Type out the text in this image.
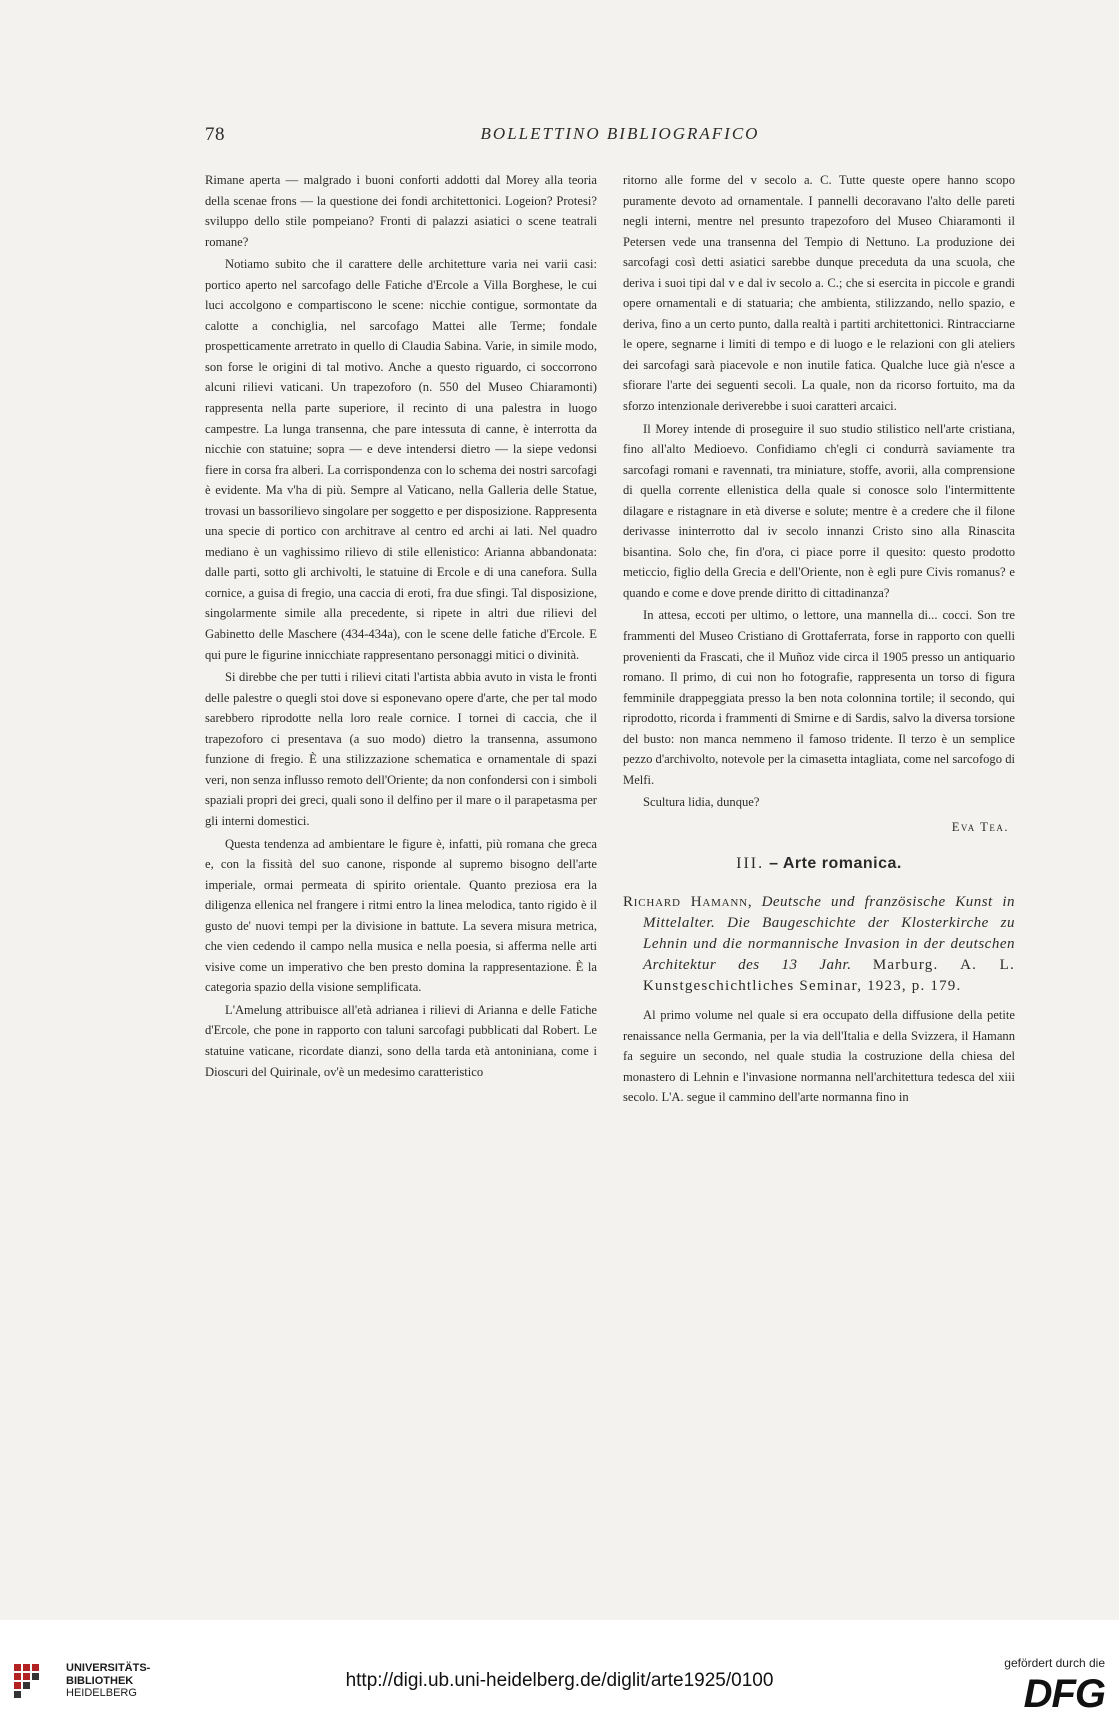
78	BOLLETTINO BIBLIOGRAFICO

Rimane aperta — malgrado i buoni conforti addotti dal Morey alla teoria della scenae frons — la questione dei fondi architettonici. Logeion? Protesi? sviluppo dello stile pompeiano? Fronti di palazzi asiatici o scene teatrali romane?

Notiamo subito che il carattere delle architetture varia nei varii casi: portico aperto nel sarcofago delle Fatiche d'Ercole a Villa Borghese, le cui luci accolgono e compartiscono le scene: nicchie contigue, sormontate da calotte a conchiglia, nel sarcofago Mattei alle Terme; fondale prospetticamente arretrato in quello di Claudia Sabina. Varie, in simile modo, son forse le origini di tal motivo. Anche a questo riguardo, ci soccorrono alcuni rilievi vaticani. Un trapezoforo (n. 550 del Museo Chiaramonti) rappresenta nella parte superiore, il recinto di una palestra in luogo campestre. La lunga transenna, che pare intessuta di canne, è interrotta da nicchie con statuine; sopra — e deve intendersi dietro — la siepe vedonsi fiere in corsa fra alberi. La corrispondenza con lo schema dei nostri sarcofagi è evidente. Ma v'ha di più. Sempre al Vaticano, nella Galleria delle Statue, trovasi un bassorilievo singolare per soggetto e per disposizione. Rappresenta una specie di portico con architrave al centro ed archi ai lati. Nel quadro mediano è un vaghissimo rilievo di stile ellenistico: Arianna abbandonata: dalle parti, sotto gli archivolti, le statuine di Ercole e di una canefora. Sulla cornice, a guisa di fregio, una caccia di eroti, fra due sfingi. Tal disposizione, singolarmente simile alla precedente, si ripete in altri due rilievi del Gabinetto delle Maschere (434-434a), con le scene delle fatiche d'Ercole. E qui pure le figurine innicchiate rappresentano personaggi mitici o divinità.

Si direbbe che per tutti i rilievi citati l'artista abbia avuto in vista le fronti delle palestre o quegli stoi dove si esponevano opere d'arte, che per tal modo sarebbero riprodotte nella loro reale cornice. I tornei di caccia, che il trapezoforo ci presentava (a suo modo) dietro la transenna, assumono funzione di fregio. È una stilizzazione schematica e ornamentale di spazi veri, non senza influsso remoto dell'Oriente; da non confondersi con i simboli spaziali propri dei greci, quali sono il delfino per il mare o il parapetasma per gli interni domestici.

Questa tendenza ad ambientare le figure è, infatti, più romana che greca e, con la fissità del suo canone, risponde al supremo bisogno dell'arte imperiale, ormai permeata di spirito orientale. Quanto preziosa era la diligenza ellenica nel frangere i ritmi entro la linea melodica, tanto rigido è il gusto de' nuovi tempi per la divisione in battute. La severa misura metrica, che vien cedendo il campo nella musica e nella poesia, si afferma nelle arti visive come un imperativo che ben presto domina la rappresentazione. È la categoria spazio della visione semplificata.

L'Amelung attribuisce all'età adrianea i rilievi di Arianna e delle Fatiche d'Ercole, che pone in rapporto con taluni sarcofagi pubblicati dal Robert. Le statuine vaticane, ricordate dianzi, sono della tarda età antoniniana, come i Dioscuri del Quirinale, ov'è un medesimo caratteristico

ritorno alle forme del v secolo a. C. Tutte queste opere hanno scopo puramente devoto ad ornamentale. I pannelli decoravano l'alto delle pareti negli interni, mentre nel presunto trapezoforo del Museo Chiaramonti il Petersen vede una transenna del Tempio di Nettuno. La produzione dei sarcofagi così detti asiatici sarebbe dunque preceduta da una scuola, che deriva i suoi tipi dal v e dal iv secolo a. C.; che si esercita in piccole e grandi opere ornamentali e di statuaria; che ambienta, stilizzando, nello spazio, e deriva, fino a un certo punto, dalla realtà i partiti architettonici. Rintracciarne le opere, segnarne i limiti di tempo e di luogo e le relazioni con gli ateliers dei sarcofagi sarà piacevole e non inutile fatica. Qualche luce già n'esce a sfiorare l'arte dei seguenti secoli. La quale, non da ricorso fortuito, ma da sforzo intenzionale deriverebbe i suoi caratteri arcaici.

Il Morey intende di proseguire il suo studio stilistico nell'arte cristiana, fino all'alto Medioevo. Confidiamo ch'egli ci condurrà saviamente tra sarcofagi romani e ravennati, tra miniature, stoffe, avorii, alla comprensione di quella corrente ellenistica della quale si conosce solo l'intermittente dilagare e ristagnare in età diverse e solute; mentre è a credere che il filone derivasse ininterrotto dal iv secolo innanzi Cristo sino alla Rinascita bisantina. Solo che, fin d'ora, ci piace porre il quesito: questo prodotto meticcio, figlio della Grecia e dell'Oriente, non è egli pure Civis romanus? e quando e come e dove prende diritto di cittadinanza?

In attesa, eccoti per ultimo, o lettore, una mannella di... cocci. Son tre frammenti del Museo Cristiano di Grottaferrata, forse in rapporto con quelli provenienti da Frascati, che il Muñoz vide circa il 1905 presso un antiquario romano. Il primo, di cui non ho fotografie, rappresenta un torso di figura femminile drappeggiata presso la ben nota colonnina tortile; il secondo, qui riprodotto, ricorda i frammenti di Smirne e di Sardis, salvo la diversa torsione del busto: non manca nemmeno il famoso tridente. Il terzo è un semplice pezzo d'archivolto, notevole per la cimasetta intagliata, come nel sarcofogo di Melfi.

Scultura lidia, dunque?

Eva Tea.
III. – Arte romanica.
Richard Hamann, Deutsche und französische Kunst in Mittelalter. Die Baugeschichte der Klosterkirche zu Lehnin und die normannische Invasion in der deutschen Architektur des 13 Jahr. Marburg. A. L. Kunstgeschichtliches Seminar, 1923, p. 179.

Al primo volume nel quale si era occupato della diffusione della petite renaissance nella Germania, per la via dell'Italia e della Svizzera, il Hamann fa seguire un secondo, nel quale studia la costruzione della chiesa del monastero di Lehnin e l'invasione normanna nell'architettura tedesca del xiii secolo. L'A. segue il cammino dell'arte normanna fino in

UNIVERSITÄTS-
BIBLIOTHEK
HEIDELBERG
http://digi.ub.uni-heidelberg.de/diglit/arte1925/0100
gefördert durch die
DFG
